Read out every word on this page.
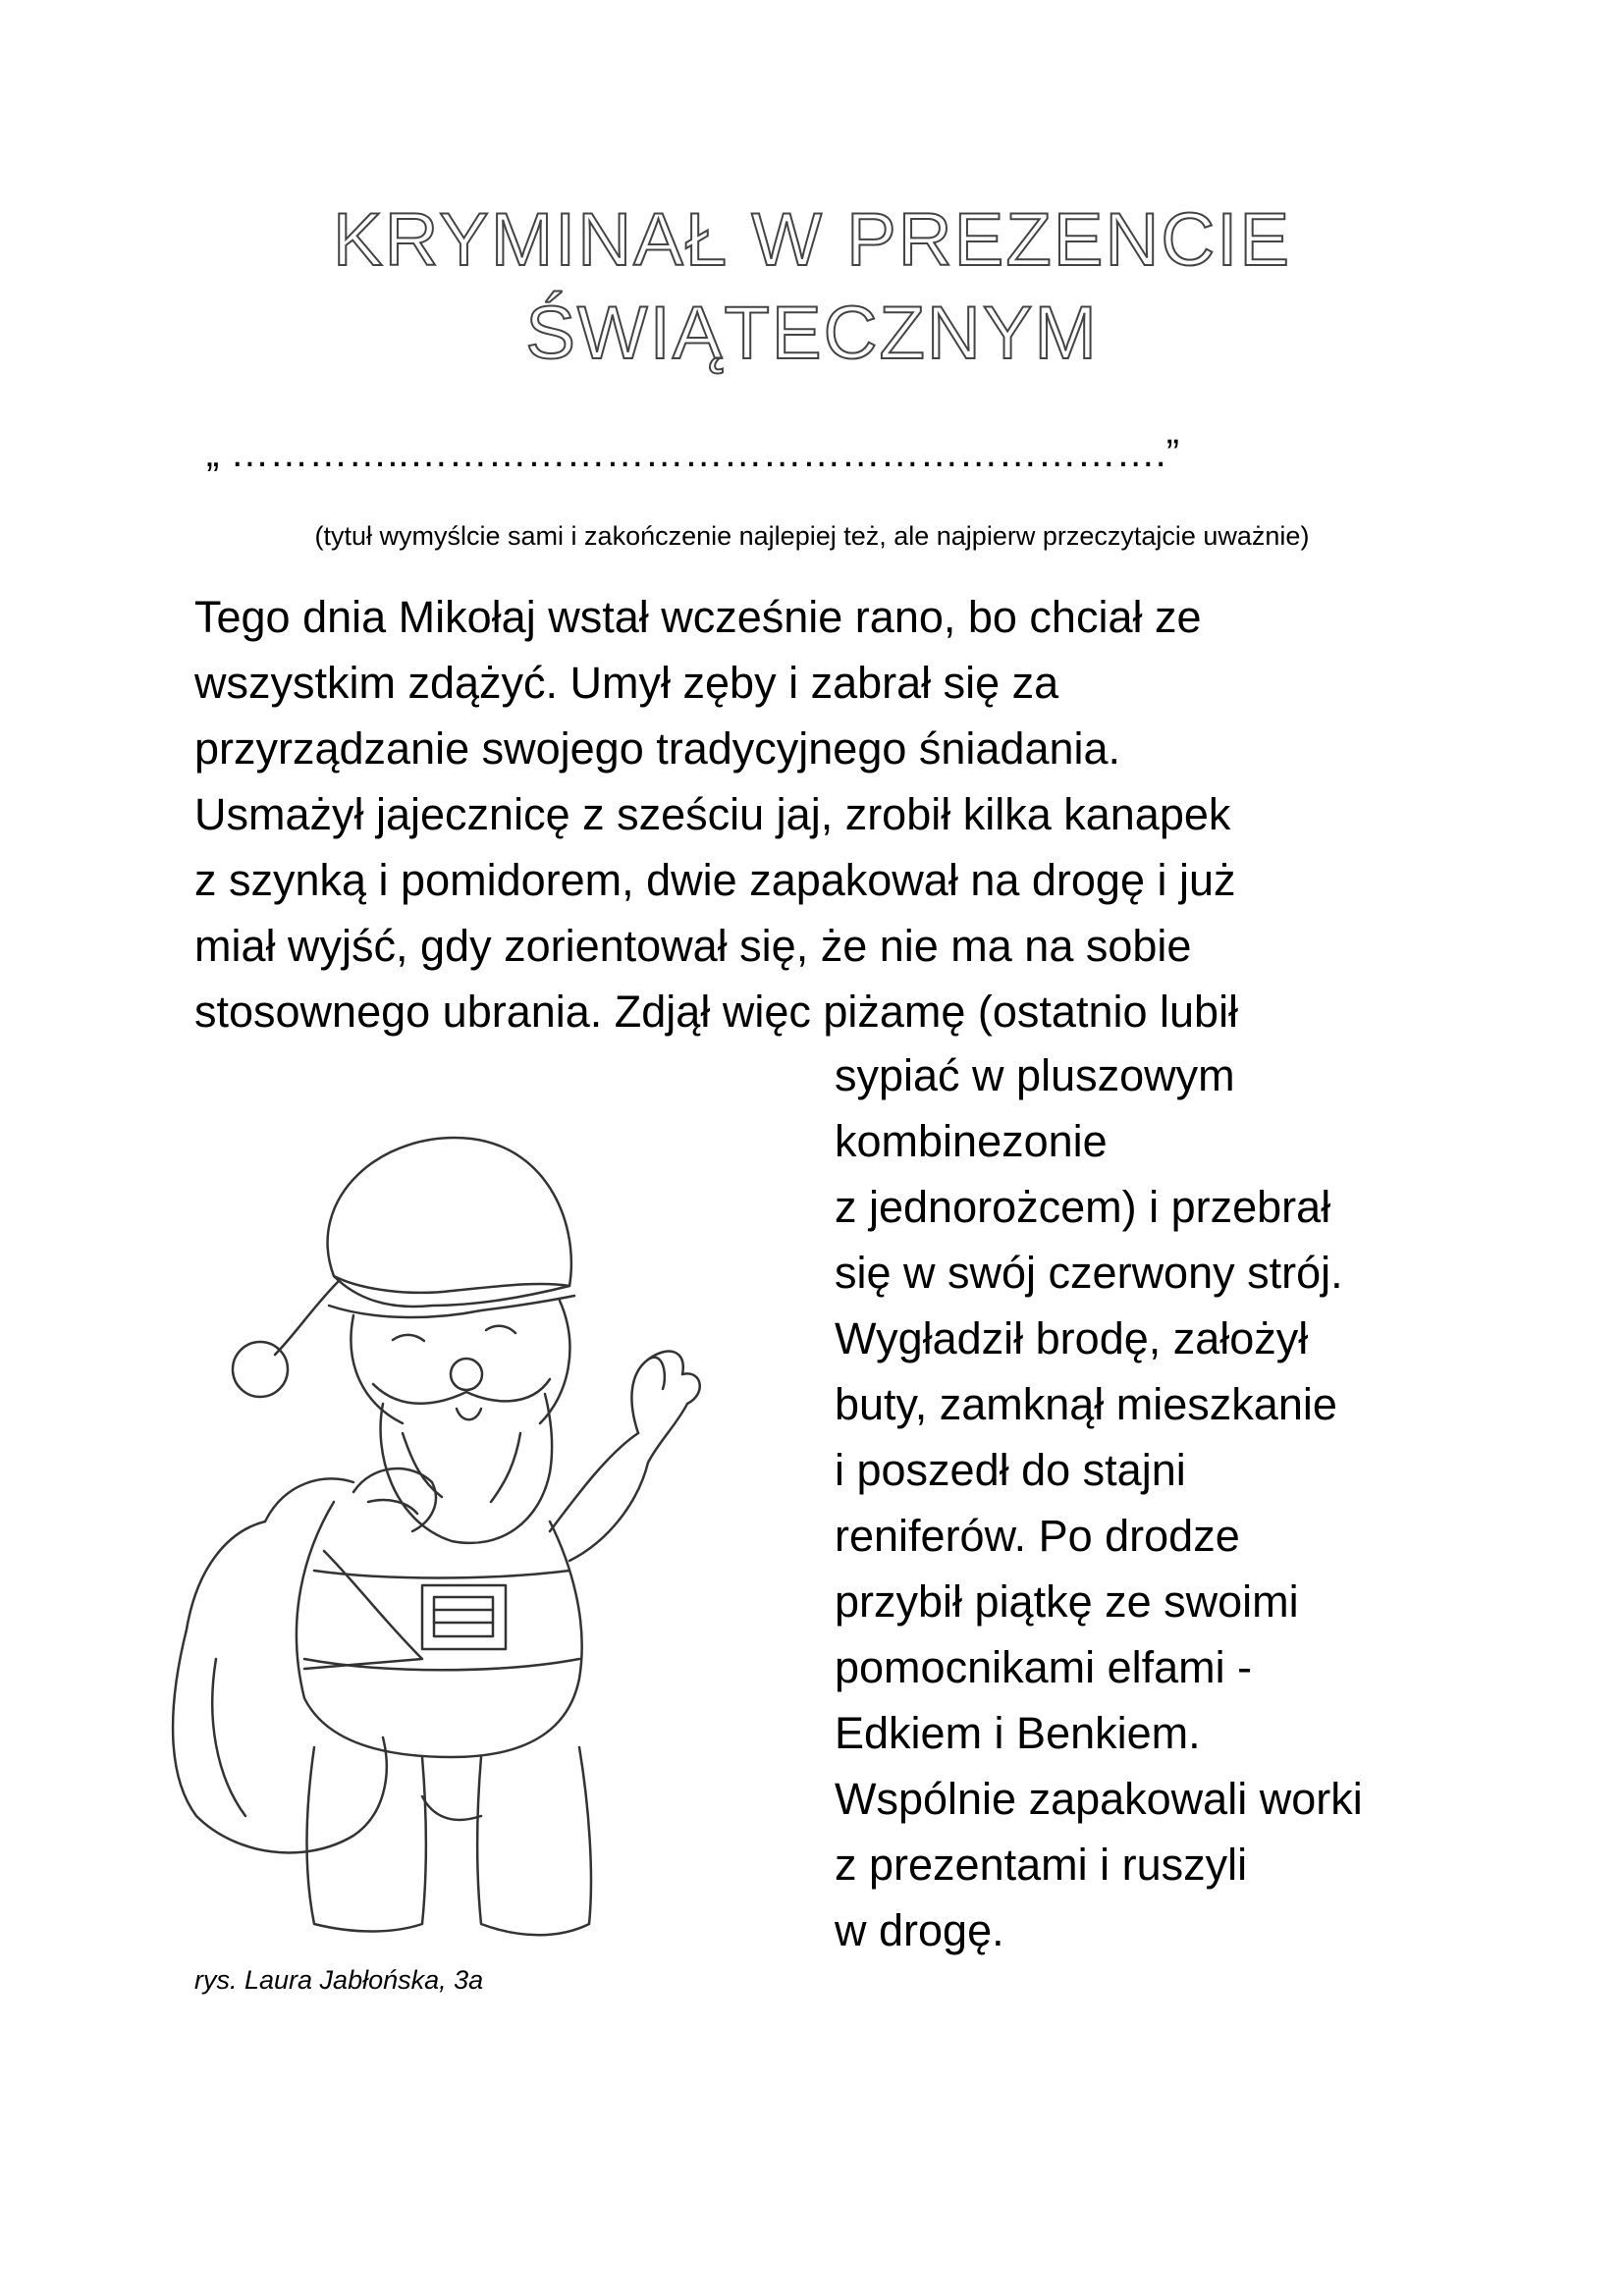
KRYMINAŁ W PREZENCIE
ŚWIĄTECZNYM
„ …………..………………………………………………….”
(tytuł wymyślcie sami i zakończenie najlepiej też, ale najpierw przeczytajcie uważnie)
Tego dnia Mikołaj wstał wcześnie rano, bo chciał ze
wszystkim zdążyć. Umył zęby i zabrał się za
przyrządzanie swojego tradycyjnego śniadania.
Usmażył jajecznicę z sześciu jaj, zrobił kilka kanapek
z szynką i pomidorem, dwie zapakował na drogę i już
miał wyjść, gdy zorientował się, że nie ma na sobie
stosownego ubrania. Zdjął więc piżamę (ostatnio lubił
sypiać w pluszowym
kombinezonie
z jednorożcem) i przebrał
się w swój czerwony strój.
Wygładził brodę, założył
buty, zamknął mieszkanie
i poszedł do stajni
reniferów. Po drodze
przybił piątkę ze swoimi
pomocnikami elfami -
Edkiem i Benkiem.
Wspólnie zapakowali worki
z prezentami i ruszyli
w drogę.
rys. Laura Jabłońska, 3a
